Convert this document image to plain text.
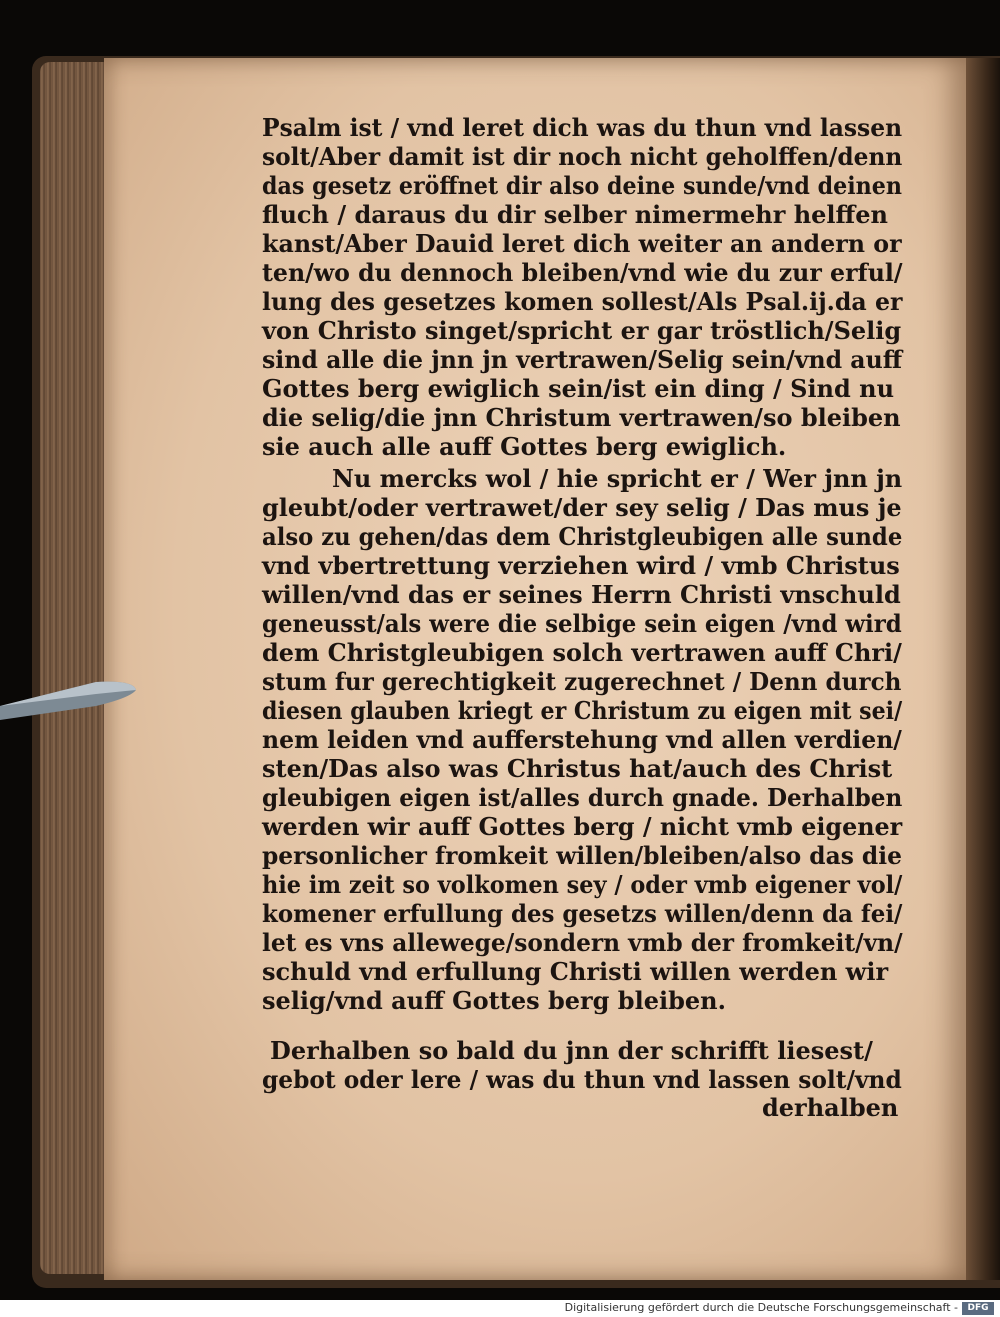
Psalm ist / vnd leret dich was du thun vnd lassen
solt/Aber damit ist dir noch nicht geholffen/denn
das gesetz eröffnet dir also deine sunde/vnd deinen
fluch / daraus du dir selber nimermehr helffen
kanst/Aber Dauid leret dich weiter an andern or
ten/wo du dennoch bleiben/vnd wie du zur erful/
lung des gesetzes komen sollest/Als Psal.ij.da er
von Christo singet/spricht er gar tröstlich/Selig
sind alle die jnn jn vertrawen/Selig sein/vnd auff
Gottes berg ewiglich sein/ist ein ding / Sind nu
die selig/die jnn Christum vertrawen/so bleiben
sie auch alle auff Gottes berg ewiglich.
Nu mercks wol / hie spricht er / Wer jnn jn
gleubt/oder vertrawet/der sey selig / Das mus je
also zu gehen/das dem Christgleubigen alle sunde
vnd vbertrettung verziehen wird / vmb Christus
willen/vnd das er seines Herrn Christi vnschuld
geneusst/als were die selbige sein eigen /vnd wird
dem Christgleubigen solch vertrawen auff Chri/
stum fur gerechtigkeit zugerechnet / Denn durch
diesen glauben kriegt er Christum zu eigen mit sei/
nem leiden vnd aufferstehung vnd allen verdien/
sten/Das also was Christus hat/auch des Christ
gleubigen eigen ist/alles durch gnade. Derhalben
werden wir auff Gottes berg / nicht vmb eigener
personlicher fromkeit willen/bleiben/also das die
hie im zeit so volkomen sey / oder vmb eigener vol/
komener erfullung des gesetzs willen/denn da fei/
let es vns allewege/sondern vmb der fromkeit/vn/
schuld vnd erfullung Christi willen werden wir
selig/vnd auff Gottes berg bleiben.
Derhalben so bald du jnn der schrifft liesest/
gebot oder lere / was du thun vnd lassen solt/vnd
derhalben
Digitalisierung gefördert durch die Deutsche Forschungsgemeinschaft -	DFG
